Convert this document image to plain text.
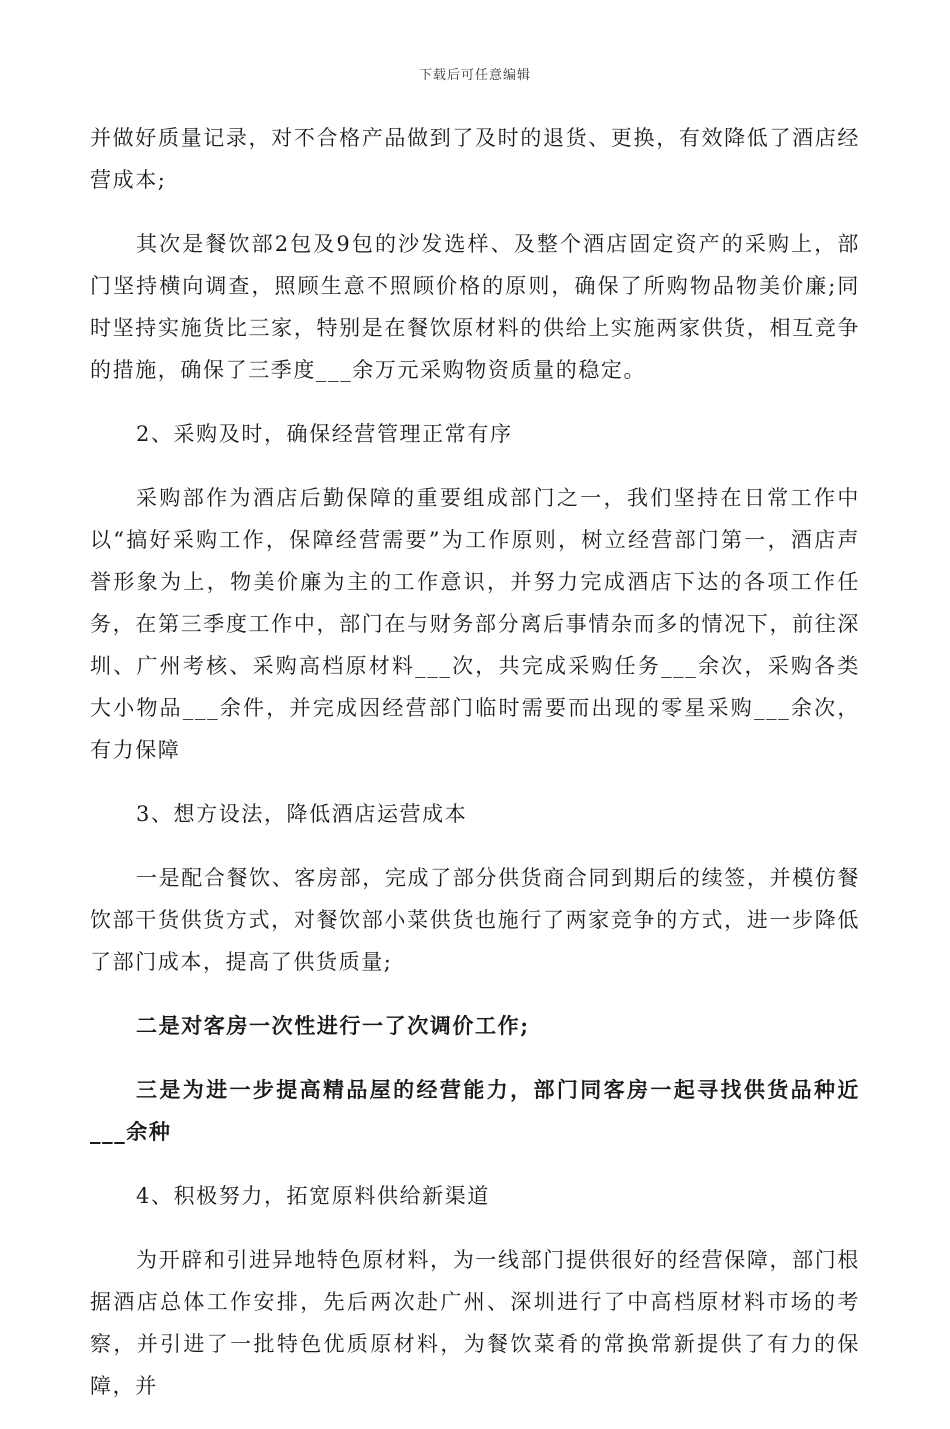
下载后可任意编辑

并做好质量记录，对不合格产品做到了及时的退货、更换，有效降低了酒店经营成本;

其次是餐饮部2包及9包的沙发选样、及整个酒店固定资产的采购上，部门坚持横向调查，照顾生意不照顾价格的原则，确保了所购物品物美价廉;同时坚持实施货比三家，特别是在餐饮原材料的供给上实施两家供货，相互竞争的措施，确保了三季度___余万元采购物资质量的稳定。

2、采购及时，确保经营管理正常有序

采购部作为酒店后勤保障的重要组成部门之一，我们坚持在日常工作中以“搞好采购工作，保障经营需要”为工作原则，树立经营部门第一，酒店声誉形象为上，物美价廉为主的工作意识，并努力完成酒店下达的各项工作任务，在第三季度工作中，部门在与财务部分离后事情杂而多的情况下，前往深圳、广州考核、采购高档原材料___次，共完成采购任务___余次，采购各类大小物品___余件，并完成因经营部门临时需要而出现的零星采购___余次，有力保障

3、想方设法，降低酒店运营成本

一是配合餐饮、客房部，完成了部分供货商合同到期后的续签，并模仿餐饮部干货供货方式，对餐饮部小菜供货也施行了两家竞争的方式，进一步降低了部门成本，提高了供货质量;

二是对客房一次性进行一了次调价工作;

三是为进一步提高精品屋的经营能力，部门同客房一起寻找供货品种近___余种

4、积极努力，拓宽原料供给新渠道

为开辟和引进异地特色原材料，为一线部门提供很好的经营保障，部门根据酒店总体工作安排，先后两次赴广州、深圳进行了中高档原材料市场的考察，并引进了一批特色优质原材料，为餐饮菜肴的常换常新提供了有力的保障，并
